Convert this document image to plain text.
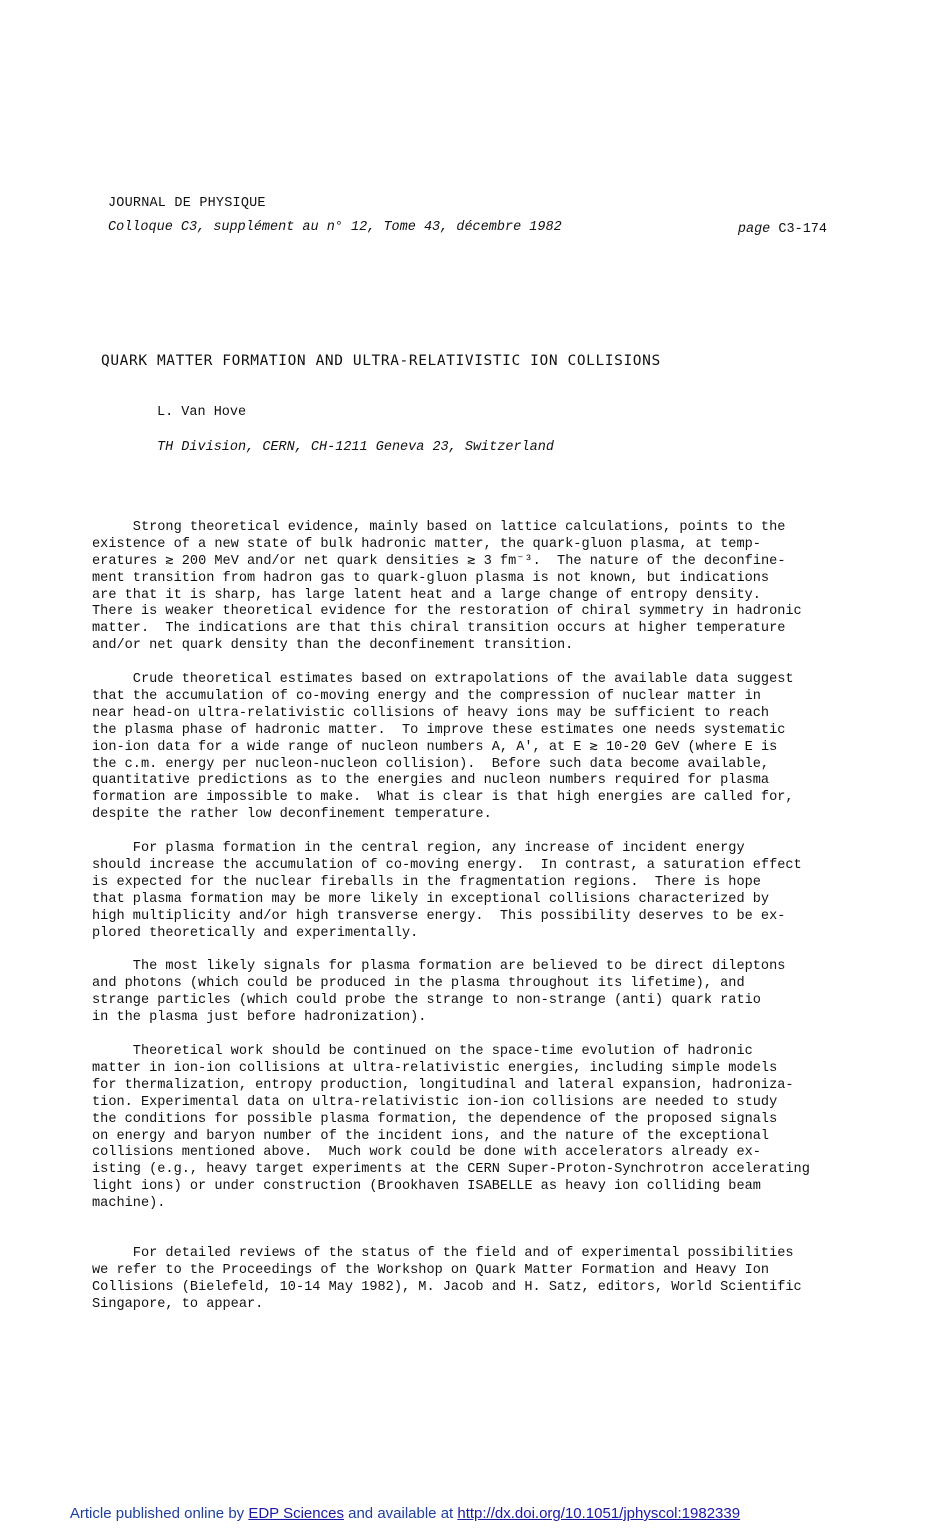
JOURNAL DE PHYSIQUE
Colloque C3, supplément au n° 12, Tome 43, décembre 1982	page C3-174
QUARK MATTER FORMATION AND ULTRA-RELATIVISTIC ION COLLISIONS
L. Van Hove
TH Division, CERN, CH-1211 Geneva 23, Switzerland
Strong theoretical evidence, mainly based on lattice calculations, points to the
existence of a new state of bulk hadronic matter, the quark-gluon plasma, at temp-
eratures ≳ 200 MeV and/or net quark densities ≳ 3 fm⁻³.  The nature of the deconfine-
ment transition from hadron gas to quark-gluon plasma is not known, but indications
are that it is sharp, has large latent heat and a large change of entropy density.
There is weaker theoretical evidence for the restoration of chiral symmetry in hadronic
matter.  The indications are that this chiral transition occurs at higher temperature
and/or net quark density than the deconfinement transition.
Crude theoretical estimates based on extrapolations of the available data suggest
that the accumulation of co-moving energy and the compression of nuclear matter in
near head-on ultra-relativistic collisions of heavy ions may be sufficient to reach
the plasma phase of hadronic matter.  To improve these estimates one needs systematic
ion-ion data for a wide range of nucleon numbers A, A', at E ≳ 10-20 GeV (where E is
the c.m. energy per nucleon-nucleon collision).  Before such data become available,
quantitative predictions as to the energies and nucleon numbers required for plasma
formation are impossible to make.  What is clear is that high energies are called for,
despite the rather low deconfinement temperature.
For plasma formation in the central region, any increase of incident energy
should increase the accumulation of co-moving energy.  In contrast, a saturation effect
is expected for the nuclear fireballs in the fragmentation regions.  There is hope
that plasma formation may be more likely in exceptional collisions characterized by
high multiplicity and/or high transverse energy.  This possibility deserves to be ex-
plored theoretically and experimentally.
The most likely signals for plasma formation are believed to be direct dileptons
and photons (which could be produced in the plasma throughout its lifetime), and
strange particles (which could probe the strange to non-strange (anti) quark ratio
in the plasma just before hadronization).
Theoretical work should be continued on the space-time evolution of hadronic
matter in ion-ion collisions at ultra-relativistic energies, including simple models
for thermalization, entropy production, longitudinal and lateral expansion, hadroniza-
tion. Experimental data on ultra-relativistic ion-ion collisions are needed to study
the conditions for possible plasma formation, the dependence of the proposed signals
on energy and baryon number of the incident ions, and the nature of the exceptional
collisions mentioned above.  Much work could be done with accelerators already ex-
isting (e.g., heavy target experiments at the CERN Super-Proton-Synchrotron accelerating
light ions) or under construction (Brookhaven ISABELLE as heavy ion colliding beam
machine).
For detailed reviews of the status of the field and of experimental possibilities
we refer to the Proceedings of the Workshop on Quark Matter Formation and Heavy Ion
Collisions (Bielefeld, 10-14 May 1982), M. Jacob and H. Satz, editors, World Scientific
Singapore, to appear.
Article published online by EDP Sciences and available at http://dx.doi.org/10.1051/jphyscol:1982339
